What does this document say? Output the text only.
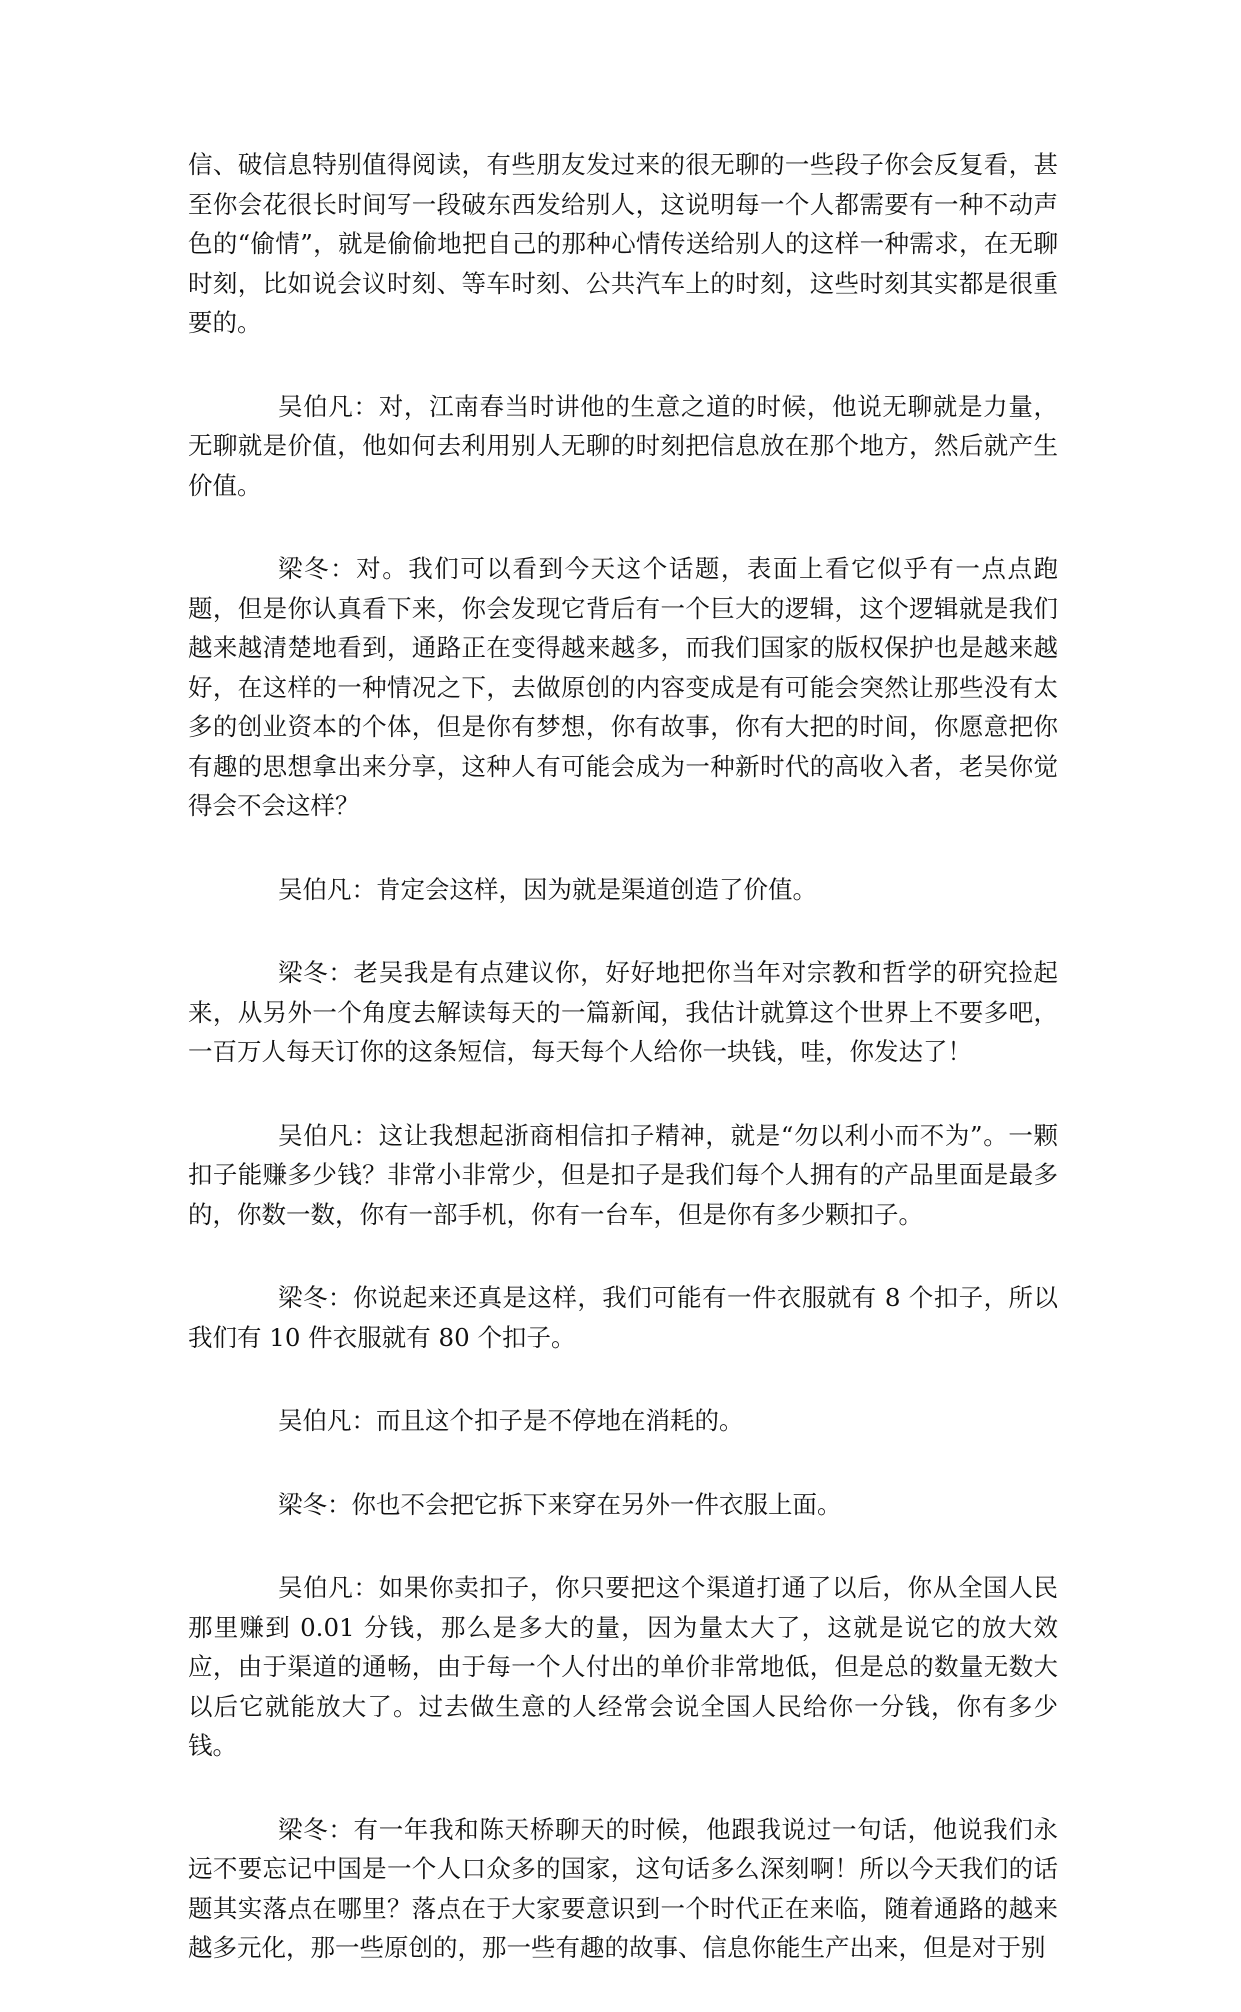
信、破信息特别值得阅读，有些朋友发过来的很无聊的一些段子你会反复看，甚至你会花很长时间写一段破东西发给别人，这说明每一个人都需要有一种不动声色的“偷情”，就是偷偷地把自己的那种心情传送给别人的这样一种需求，在无聊时刻，比如说会议时刻、等车时刻、公共汽车上的时刻，这些时刻其实都是很重要的。

吴伯凡：对，江南春当时讲他的生意之道的时候，他说无聊就是力量，无聊就是价值，他如何去利用别人无聊的时刻把信息放在那个地方，然后就产生价值。

梁冬：对。我们可以看到今天这个话题，表面上看它似乎有一点点跑题，但是你认真看下来，你会发现它背后有一个巨大的逻辑，这个逻辑就是我们越来越清楚地看到，通路正在变得越来越多，而我们国家的版权保护也是越来越好，在这样的一种情况之下，去做原创的内容变成是有可能会突然让那些没有太多的创业资本的个体，但是你有梦想，你有故事，你有大把的时间，你愿意把你有趣的思想拿出来分享，这种人有可能会成为一种新时代的高收入者，老吴你觉得会不会这样？

吴伯凡：肯定会这样，因为就是渠道创造了价值。

梁冬：老吴我是有点建议你，好好地把你当年对宗教和哲学的研究捡起来，从另外一个角度去解读每天的一篇新闻，我估计就算这个世界上不要多吧，一百万人每天订你的这条短信，每天每个人给你一块钱，哇，你发达了！

吴伯凡：这让我想起浙商相信扣子精神，就是“勿以利小而不为”。一颗扣子能赚多少钱？非常小非常少，但是扣子是我们每个人拥有的产品里面是最多的，你数一数，你有一部手机，你有一台车，但是你有多少颗扣子。

梁冬：你说起来还真是这样，我们可能有一件衣服就有 8 个扣子，所以我们有 10 件衣服就有 80 个扣子。

吴伯凡：而且这个扣子是不停地在消耗的。

梁冬：你也不会把它拆下来穿在另外一件衣服上面。

吴伯凡：如果你卖扣子，你只要把这个渠道打通了以后，你从全国人民那里赚到 0.01 分钱，那么是多大的量，因为量太大了，这就是说它的放大效应，由于渠道的通畅，由于每一个人付出的单价非常地低，但是总的数量无数大以后它就能放大了。过去做生意的人经常会说全国人民给你一分钱，你有多少钱。

梁冬：有一年我和陈天桥聊天的时候，他跟我说过一句话，他说我们永远不要忘记中国是一个人口众多的国家，这句话多么深刻啊！所以今天我们的话题其实落点在哪里？落点在于大家要意识到一个时代正在来临，随着通路的越来越多元化，那一些原创的，那一些有趣的故事、信息你能生产出来，但是对于别
